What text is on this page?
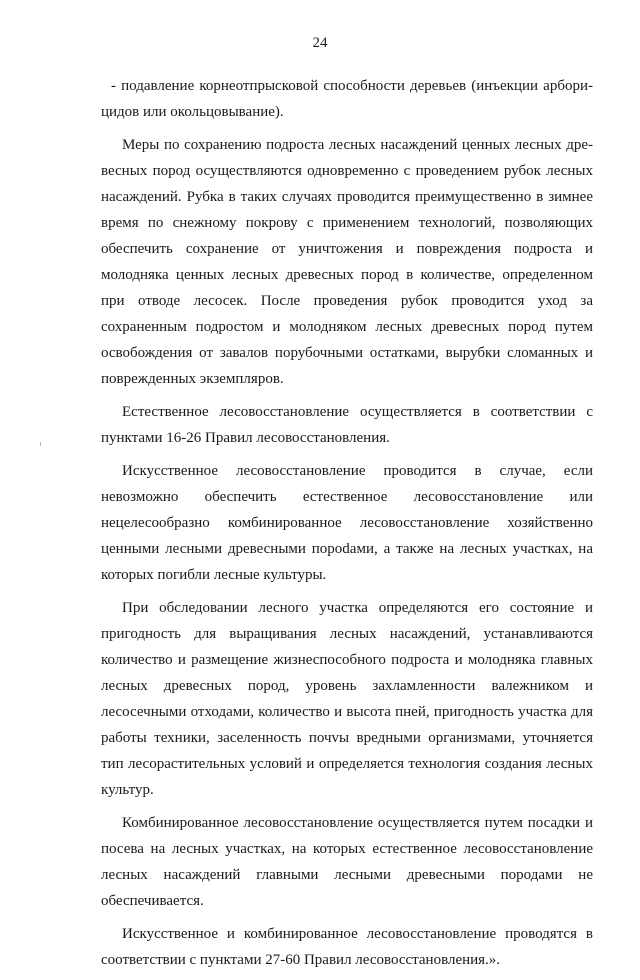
24

- подавление корнеотпрысковой способности деревьев (инъекции арборицидов или окольцовывание).

Меры по сохранению подроста лесных насаждений ценных лесных древесных пород осуществляются одновременно с проведением рубок лесных насаждений. Рубка в таких случаях проводится преимущественно в зимнее время по снежному покрову с применением технологий, позволяющих обеспечить сохранение от уничтожения и повреждения подроста и молодняка ценных лесных древесных пород в количестве, определенном при отводе лесосек. После проведения рубок проводится уход за сохраненным подростом и молодняком лесных древесных пород путем освобождения от завалов порубочными остатками, вырубки сломанных и поврежденных экземпляров.

Естественное лесовосстановление осуществляется в соответствии с пунктами 16-26 Правил лесовосстановления.

Искусственное лесовосстановление проводится в случае, если невозможно обеспечить естественное лесовосстановление или нецелесообразно комбинированное лесовосстановление хозяйственно ценными лесными древесными пороdами, а также на лесных участках, на которых погибли лесные культуры.

При обследовании лесного участка определяются его состояние и пригодность для выращивания лесных насаждений, устанавливаются количество и размещение жизнеспособного подроста и молодняка главных лесных древесных пород, уровень захламленности валежником и лесосечными отходами, количество и высота пней, пригодность участка для работы техники, заселенность почvы вредными организмами, уточняется тип лесорастительных условий и определяется технология создания лесных культур.

Комбинированное лесовосстановление осуществляется путем посадки и посева на лесных участках, на которых естественное лесовосстановление лесных насаждений главными лесными древесными породами не обеспечивается.

Искусственное и комбинированное лесовосстановление проводятся в соответствии с пунктами 27-60 Правил лесовосстановления.».
